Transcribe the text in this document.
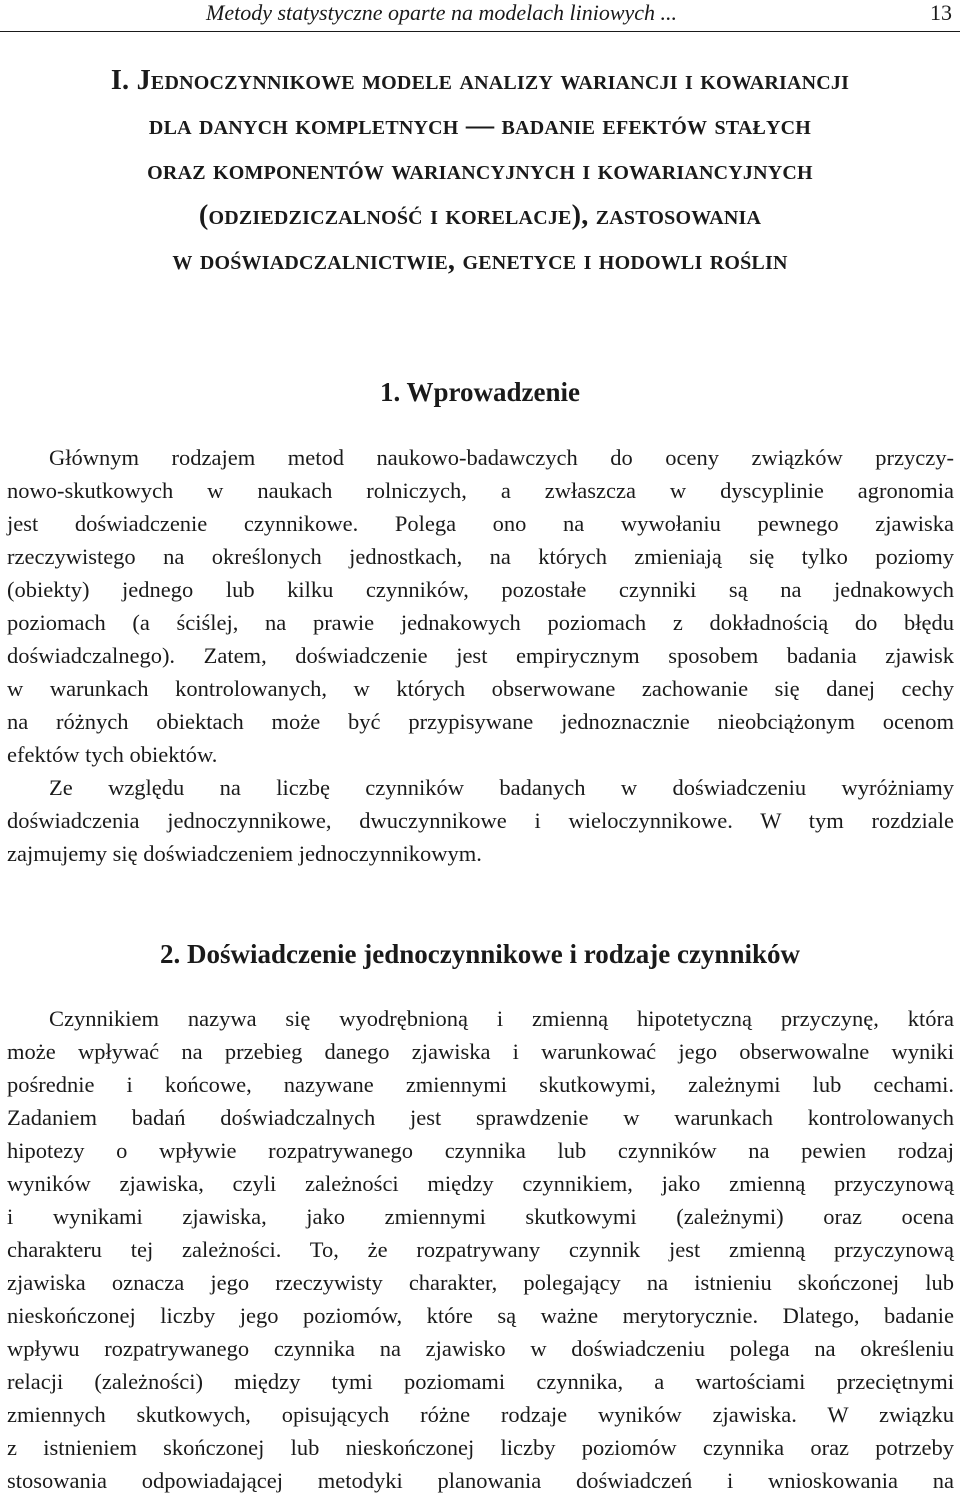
Metody statystyczne oparte na modelach liniowych ...	13
I. Jednoczynnikowe modele analizy wariancji i kowariancji
dla danych kompletnych — badanie efektów stałych
oraz komponentów wariancyjnych i kowariancyjnych
(odziedziczalność i korelacje), zastosowania
w doświadczalnictwie, genetyce i hodowli roślin
1. Wprowadzenie
Głównym rodzajem metod naukowo-badawczych do oceny związków przyczy-
nowo-skutkowych w naukach rolniczych, a zwłaszcza w dyscyplinie agronomia
jest doświadczenie czynnikowe. Polega ono na wywołaniu pewnego zjawiska
rzeczywistego na określonych jednostkach, na których zmieniają się tylko poziomy
(obiekty) jednego lub kilku czynników, pozostałe czynniki są na jednakowych
poziomach (a ściślej, na prawie jednakowych poziomach z dokładnością do błędu
doświadczalnego). Zatem, doświadczenie jest empirycznym sposobem badania zjawisk
w warunkach kontrolowanych, w których obserwowane zachowanie się danej cechy
na różnych obiektach może być przypisywane jednoznacznie nieobciążonym ocenom
efektów tych obiektów.
Ze względu na liczbę czynników badanych w doświadczeniu wyróżniamy
doświadczenia jednoczynnikowe, dwuczynnikowe i wieloczynnikowe. W tym rozdziale
zajmujemy się doświadczeniem jednoczynnikowym.
2. Doświadczenie jednoczynnikowe i rodzaje czynników
Czynnikiem nazywa się wyodrębnioną i zmienną hipotetyczną przyczynę, która
może wpływać na przebieg danego zjawiska i warunkować jego obserwowalne wyniki
pośrednie i końcowe, nazywane zmiennymi skutkowymi, zależnymi lub cechami.
Zadaniem badań doświadczalnych jest sprawdzenie w warunkach kontrolowanych
hipotezy o wpływie rozpatrywanego czynnika lub czynników na pewien rodzaj
wyników zjawiska, czyli zależności między czynnikiem, jako zmienną przyczynową
i wynikami zjawiska, jako zmiennymi skutkowymi (zależnymi) oraz ocena
charakteru tej zależności. To, że rozpatrywany czynnik jest zmienną przyczynową
zjawiska oznacza jego rzeczywisty charakter, polegający na istnieniu skończonej lub
nieskończonej liczby jego poziomów, które są ważne merytorycznie. Dlatego, badanie
wpływu rozpatrywanego czynnika na zjawisko w doświadczeniu polega na określeniu
relacji (zależności) między tymi poziomami czynnika, a wartościami przeciętnymi
zmiennych skutkowych, opisujących różne rodzaje wyników zjawiska. W związku
z istnieniem skończonej lub nieskończonej liczby poziomów czynnika oraz potrzeby
stosowania odpowiadającej metodyki planowania doświadczeń i wnioskowania na
